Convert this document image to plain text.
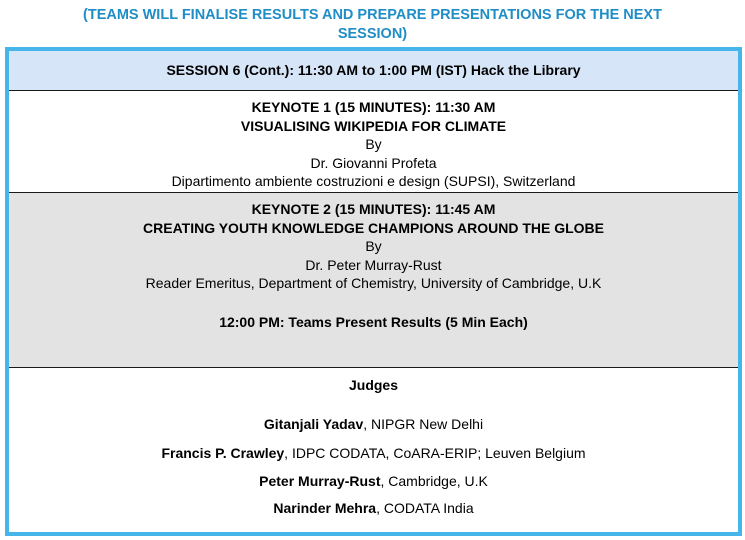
(TEAMS WILL FINALISE RESULTS AND PREPARE PRESENTATIONS FOR THE NEXT
SESSION)
SESSION 6 (Cont.): 11:30 AM to 1:00 PM (IST) Hack the Library
KEYNOTE 1 (15 MINUTES): 11:30 AM
VISUALISING WIKIPEDIA FOR CLIMATE
By
Dr. Giovanni Profeta
Dipartimento ambiente costruzioni e design (SUPSI), Switzerland
KEYNOTE 2 (15 MINUTES): 11:45 AM
CREATING YOUTH KNOWLEDGE CHAMPIONS AROUND THE GLOBE
By
Dr. Peter Murray-Rust
Reader Emeritus, Department of Chemistry, University of Cambridge, U.K
12:00 PM: Teams Present Results (5 Min Each)
Judges
Gitanjali Yadav, NIPGR New Delhi
Francis P. Crawley, IDPC CODATA, CoARA-ERIP; Leuven Belgium
Peter Murray-Rust, Cambridge, U.K
Narinder Mehra, CODATA India
